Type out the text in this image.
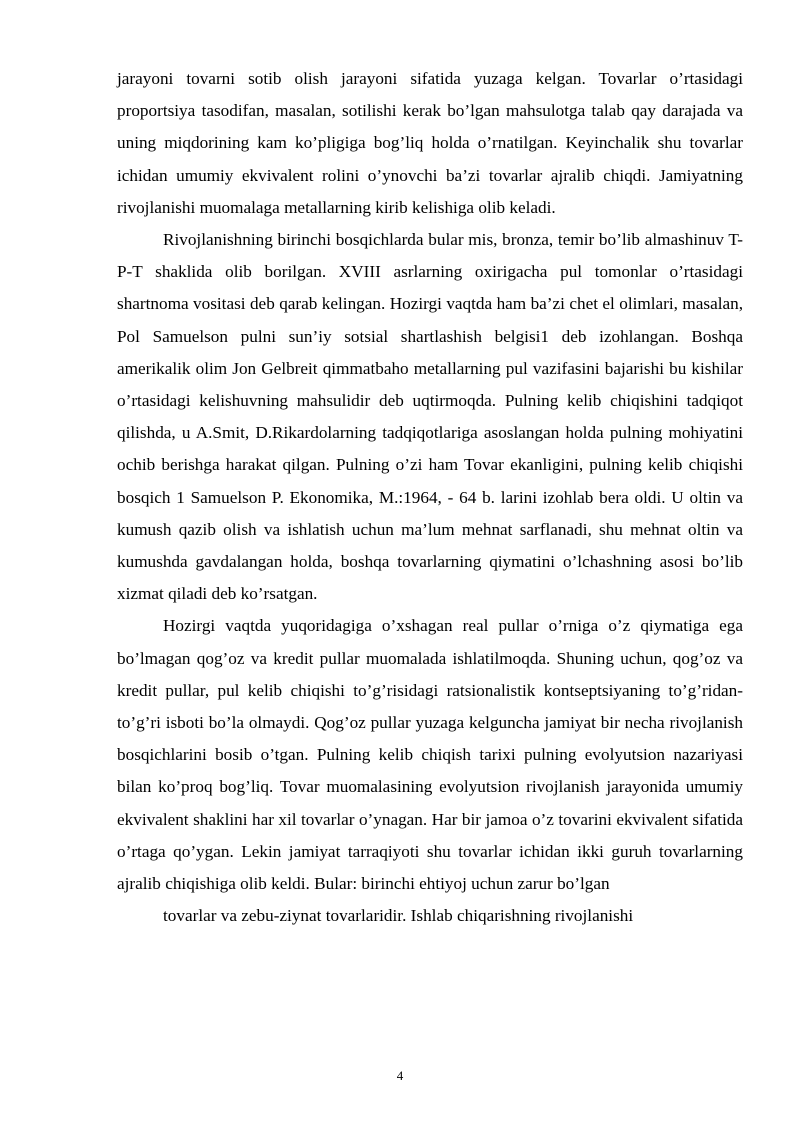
jarayoni tovarni sotib olish jarayoni sifatida yuzaga kelgan. Tovarlar o’rtasidagi proportsiya tasodifan, masalan, sotilishi kerak bo’lgan mahsulotga talab qay darajada va uning miqdorining kam ko’pligiga bog’liq holda o’rnatilgan. Keyinchalik shu tovarlar ichidan umumiy ekvivalent rolini o’ynovchi ba’zi tovarlar ajralib chiqdi. Jamiyatning rivojlanishi muomalaga metallarning kirib kelishiga olib keladi.

Rivojlanishning birinchi bosqichlarda bular mis, bronza, temir bo’lib almashinuv T-P-T shaklida olib borilgan. XVIII asrlarning oxirigacha pul tomonlar o’rtasidagi shartnoma vositasi deb qarab kelingan. Hozirgi vaqtda ham ba’zi chet el olimlari, masalan, Pol Samuelson pulni sun’iy sotsial shartlashish belgisi1 deb izohlangan. Boshqa amerikalik olim Jon Gelbreit qimmatbaho metallarning pul vazifasini bajarishi bu kishilar o’rtasidagi kelishuvning mahsulidir deb uqtirmoqda. Pulning kelib chiqishini tadqiqot qilishda, u A.Smit, D.Rikardolarning tadqiqotlariga asoslangan holda pulning mohiyatini ochib berishga harakat qilgan. Pulning o’zi ham Tovar ekanligini, pulning kelib chiqishi bosqich 1 Samuelson P. Ekonomika, M.:1964, - 64 b. larini izohlab bera oldi. U oltin va kumush qazib olish va ishlatish uchun ma’lum mehnat sarflanadi, shu mehnat oltin va kumushda gavdalangan holda, boshqa tovarlarning qiymatini o’lchashning asosi bo’lib xizmat qiladi deb ko’rsatgan.

Hozirgi vaqtda yuqoridagiga o’xshagan real pullar o’rniga o’z qiymatiga ega bo’lmagan qog’oz va kredit pullar muomalada ishlatilmoqda. Shuning uchun, qog’oz va kredit pullar, pul kelib chiqishi to’g’risidagi ratsionalistik kontseptsiyaning to’g’ridan-to’g’ri isboti bo’la olmaydi. Qog’oz pullar yuzaga kelguncha jamiyat bir necha rivojlanish bosqichlarini bosib o’tgan. Pulning kelib chiqish tarixi pulning evolyutsion nazariyasi bilan ko’proq bog’liq. Tovar muomalasining evolyutsion rivojlanish jarayonida umumiy ekvivalent shaklini har xil tovarlar o’ynagan. Har bir jamoa o’z tovarini ekvivalent sifatida o’rtaga qo’ygan. Lekin jamiyat tarraqiyoti shu tovarlar ichidan ikki guruh tovarlarning ajralib chiqishiga olib keldi. Bular: birinchi ehtiyoj uchun zarur bo’lgan

tovarlar va zebu-ziynat tovarlaridir. Ishlab chiqarishning rivojlanishi

4
